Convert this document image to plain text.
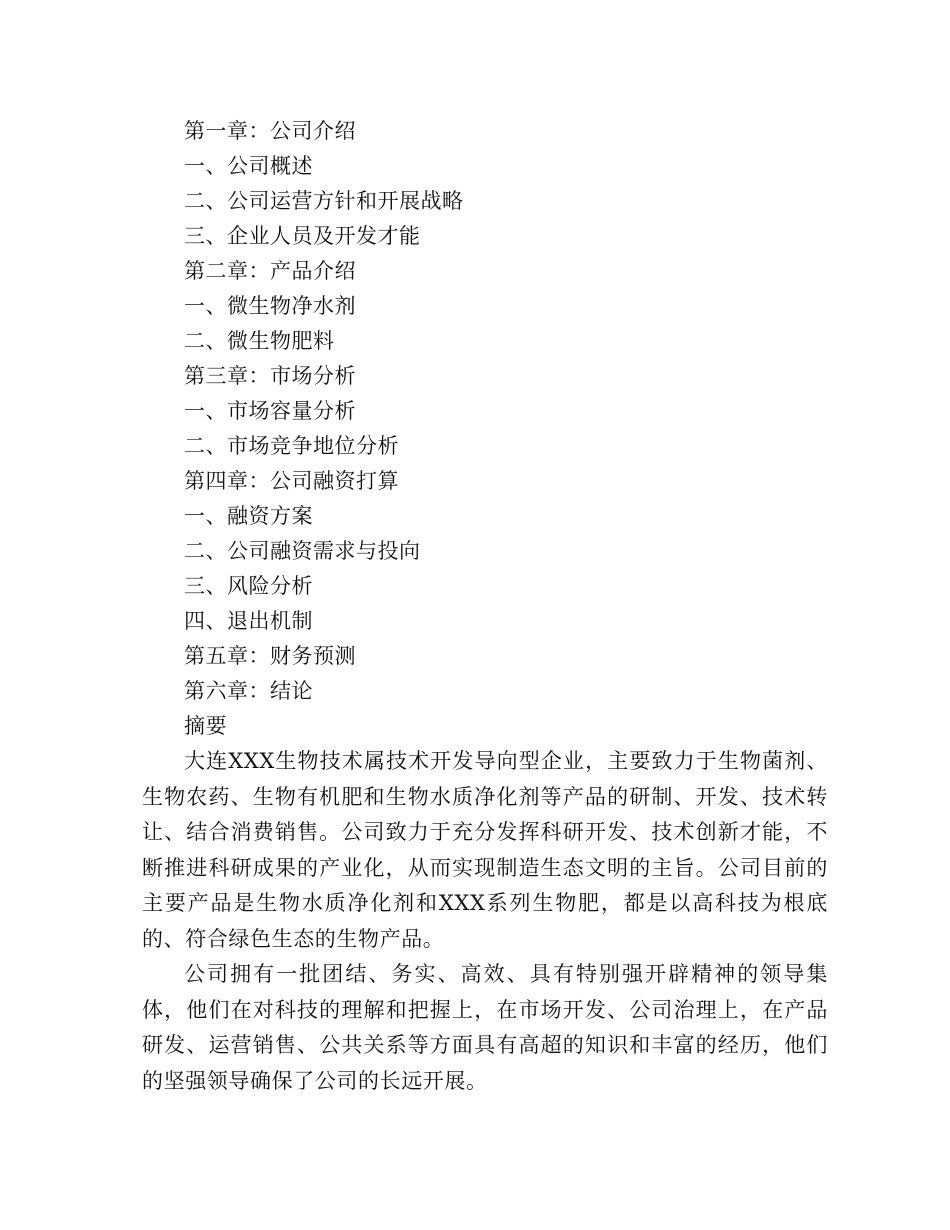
第一章：公司介绍
一、公司概述
二、公司运营方针和开展战略
三、企业人员及开发才能
第二章：产品介绍
一、微生物净水剂
二、微生物肥料
第三章：市场分析
一、市场容量分析
二、市场竞争地位分析
第四章：公司融资打算
一、融资方案
二、公司融资需求与投向
三、风险分析
四、退出机制
第五章：财务预测
第六章：结论
摘要

大连XXX生物技术属技术开发导向型企业，主要致力于生物菌剂、生物农药、生物有机肥和生物水质净化剂等产品的研制、开发、技术转让、结合消费销售。公司致力于充分发挥科研开发、技术创新才能，不断推进科研成果的产业化，从而实现制造生态文明的主旨。公司目前的主要产品是生物水质净化剂和XXX系列生物肥，都是以高科技为根底的、符合绿色生态的生物产品。

公司拥有一批团结、务实、高效、具有特别强开辟精神的领导集体，他们在对科技的理解和把握上，在市场开发、公司治理上，在产品研发、运营销售、公共关系等方面具有高超的知识和丰富的经历，他们的坚强领导确保了公司的长远开展。
